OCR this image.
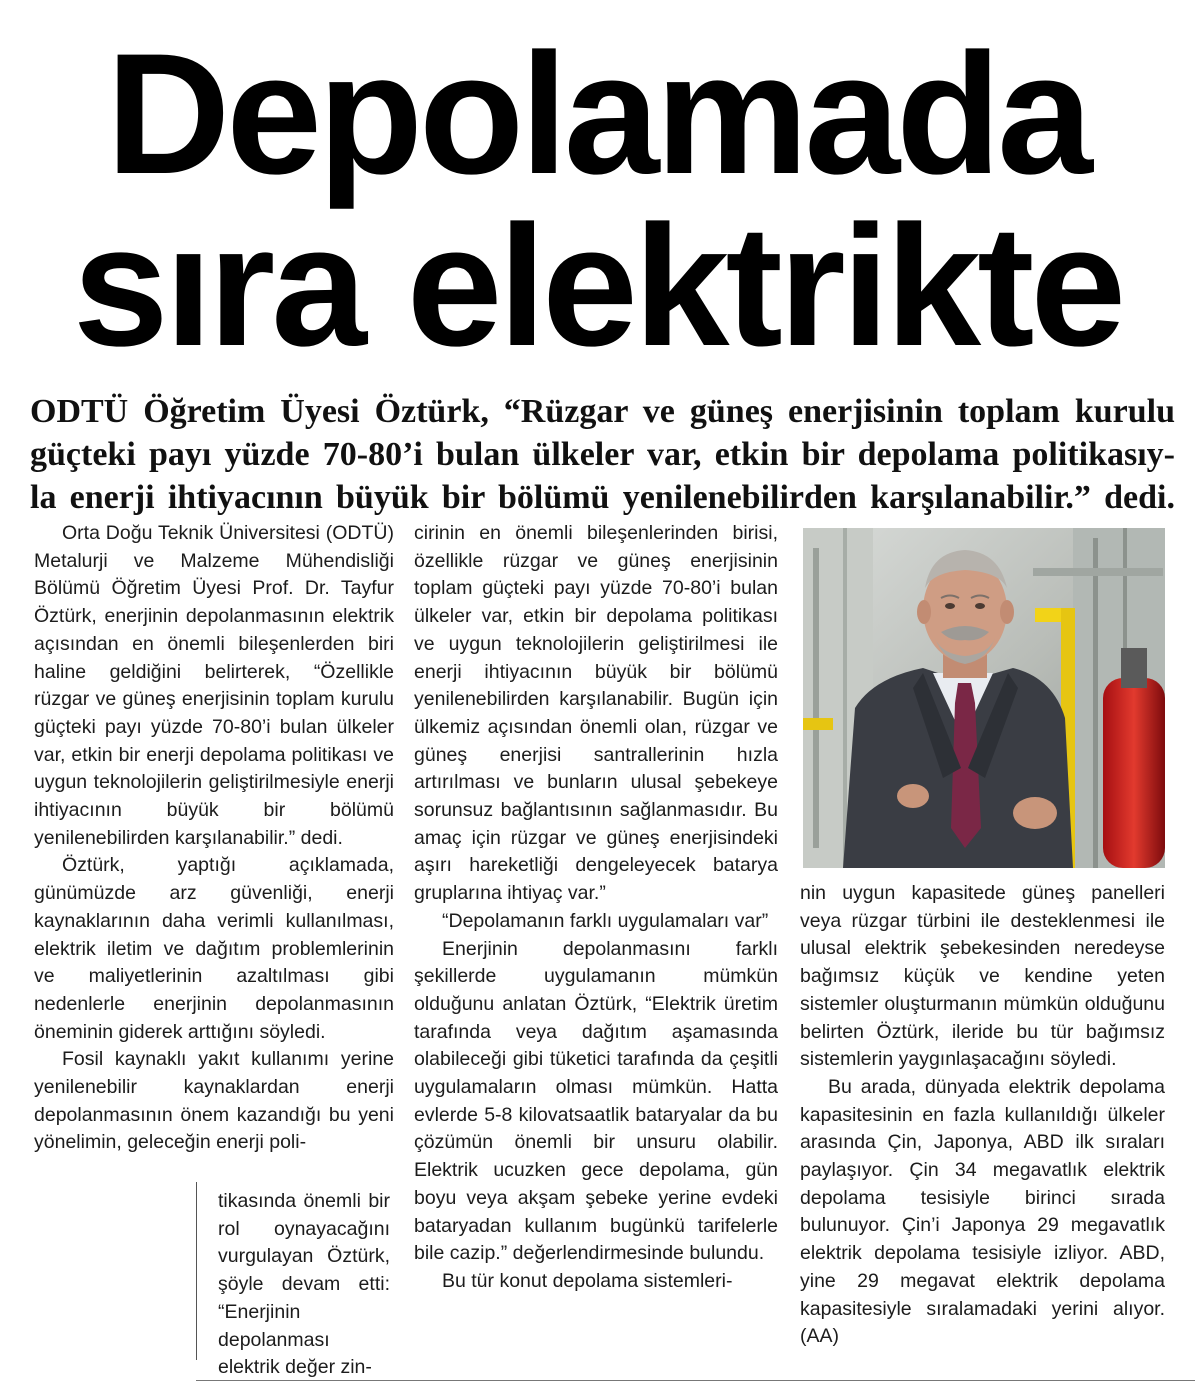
Depolamada
sıra elektrikte
ODTÜ Öğretim Üyesi Öztürk, “Rüzgar ve güneş enerjisinin toplam kurulu
güçteki payı yüzde 70-80’i bulan ülkeler var, etkin bir depolama politikasıy-
la enerji ihtiyacının büyük bir bölümü yenilenebilirden karşılanabilir.” dedi.

Orta Doğu Teknik Üniversitesi (ODTÜ) Metalurji ve Malzeme Mühendisliği Bölümü Öğretim Üyesi Prof. Dr. Tayfur Öztürk, enerjinin depolanmasının elektrik açısından en önemli bileşenlerden biri haline geldiğini belirterek, “Özellikle rüzgar ve güneş enerjisinin toplam kurulu güçteki payı yüzde 70-80’i bulan ülkeler var, etkin bir enerji depolama politikası ve uygun teknolojilerin geliştirilmesiyle enerji ihtiyacının büyük bir bölümü yenilenebilirden karşılanabilir.” dedi.

Öztürk, yaptığı açıklamada, günümüzde arz güvenliği, enerji kaynaklarının daha verimli kullanılması, elektrik iletim ve dağıtım problemlerinin ve maliyetlerinin azaltılması gibi nedenlerle enerjinin depolanmasının öneminin giderek arttığını söyledi.

Fosil kaynaklı yakıt kullanımı yerine yenilenebilir kaynaklardan enerji depolanmasının önem kazandığı bu yeni yönelimin, geleceğin enerji poli-

tikasında önemli bir rol oynayacağını vurgulayan Öztürk, şöyle devam etti: “Enerjinin depolanması elektrik değer zin-

cirinin en önemli bileşenlerinden birisi, özellikle rüzgar ve güneş enerjisinin toplam güçteki payı yüzde 70-80’i bulan ülkeler var, etkin bir depolama politikası ve uygun teknolojilerin geliştirilmesi ile enerji ihtiyacının büyük bir bölümü yenilenebilirden karşılanabilir. Bugün için ülkemiz açısından önemli olan, rüzgar ve güneş enerjisi santrallerinin hızla artırılması ve bunların ulusal şebekeye sorunsuz bağlantısının sağlanmasıdır. Bu amaç için rüzgar ve güneş enerjisindeki aşırı hareketliği dengeleyecek batarya gruplarına ihtiyaç var.”

“Depolamanın farklı uygulamaları var”

Enerjinin depolanmasını farklı şekillerde uygulamanın mümkün olduğunu anlatan Öztürk, “Elektrik üretim tarafında veya dağıtım aşamasında olabileceği gibi tüketici tarafında da çeşitli uygulamaların olması mümkün. Hatta evlerde 5-8 kilovatsaatlik bataryalar da bu çözümün önemli bir unsuru olabilir. Elektrik ucuzken gece depolama, gün boyu veya akşam şebeke yerine evdeki bataryadan kullanım bugünkü tarifelerle bile cazip.” değerlendirmesinde bulundu.

Bu tür konut depolama sistemleri-

nin uygun kapasitede güneş panelleri veya rüzgar türbini ile desteklenmesi ile ulusal elektrik şebekesinden neredeyse bağımsız küçük ve kendine yeten sistemler oluşturmanın mümkün olduğunu belirten Öztürk, ileride bu tür bağımsız sistemlerin yaygınlaşacağını söyledi.

Bu arada, dünyada elektrik depolama kapasitesinin en fazla kullanıldığı ülkeler arasında Çin, Japonya, ABD ilk sıraları paylaşıyor. Çin 34 megavatlık elektrik depolama tesisiyle birinci sırada bulunuyor. Çin’i Japonya 29 megavatlık elektrik depolama tesisiyle izliyor. ABD, yine 29 megavat elektrik depolama kapasitesiyle sıralamadaki yerini alıyor. (AA)
